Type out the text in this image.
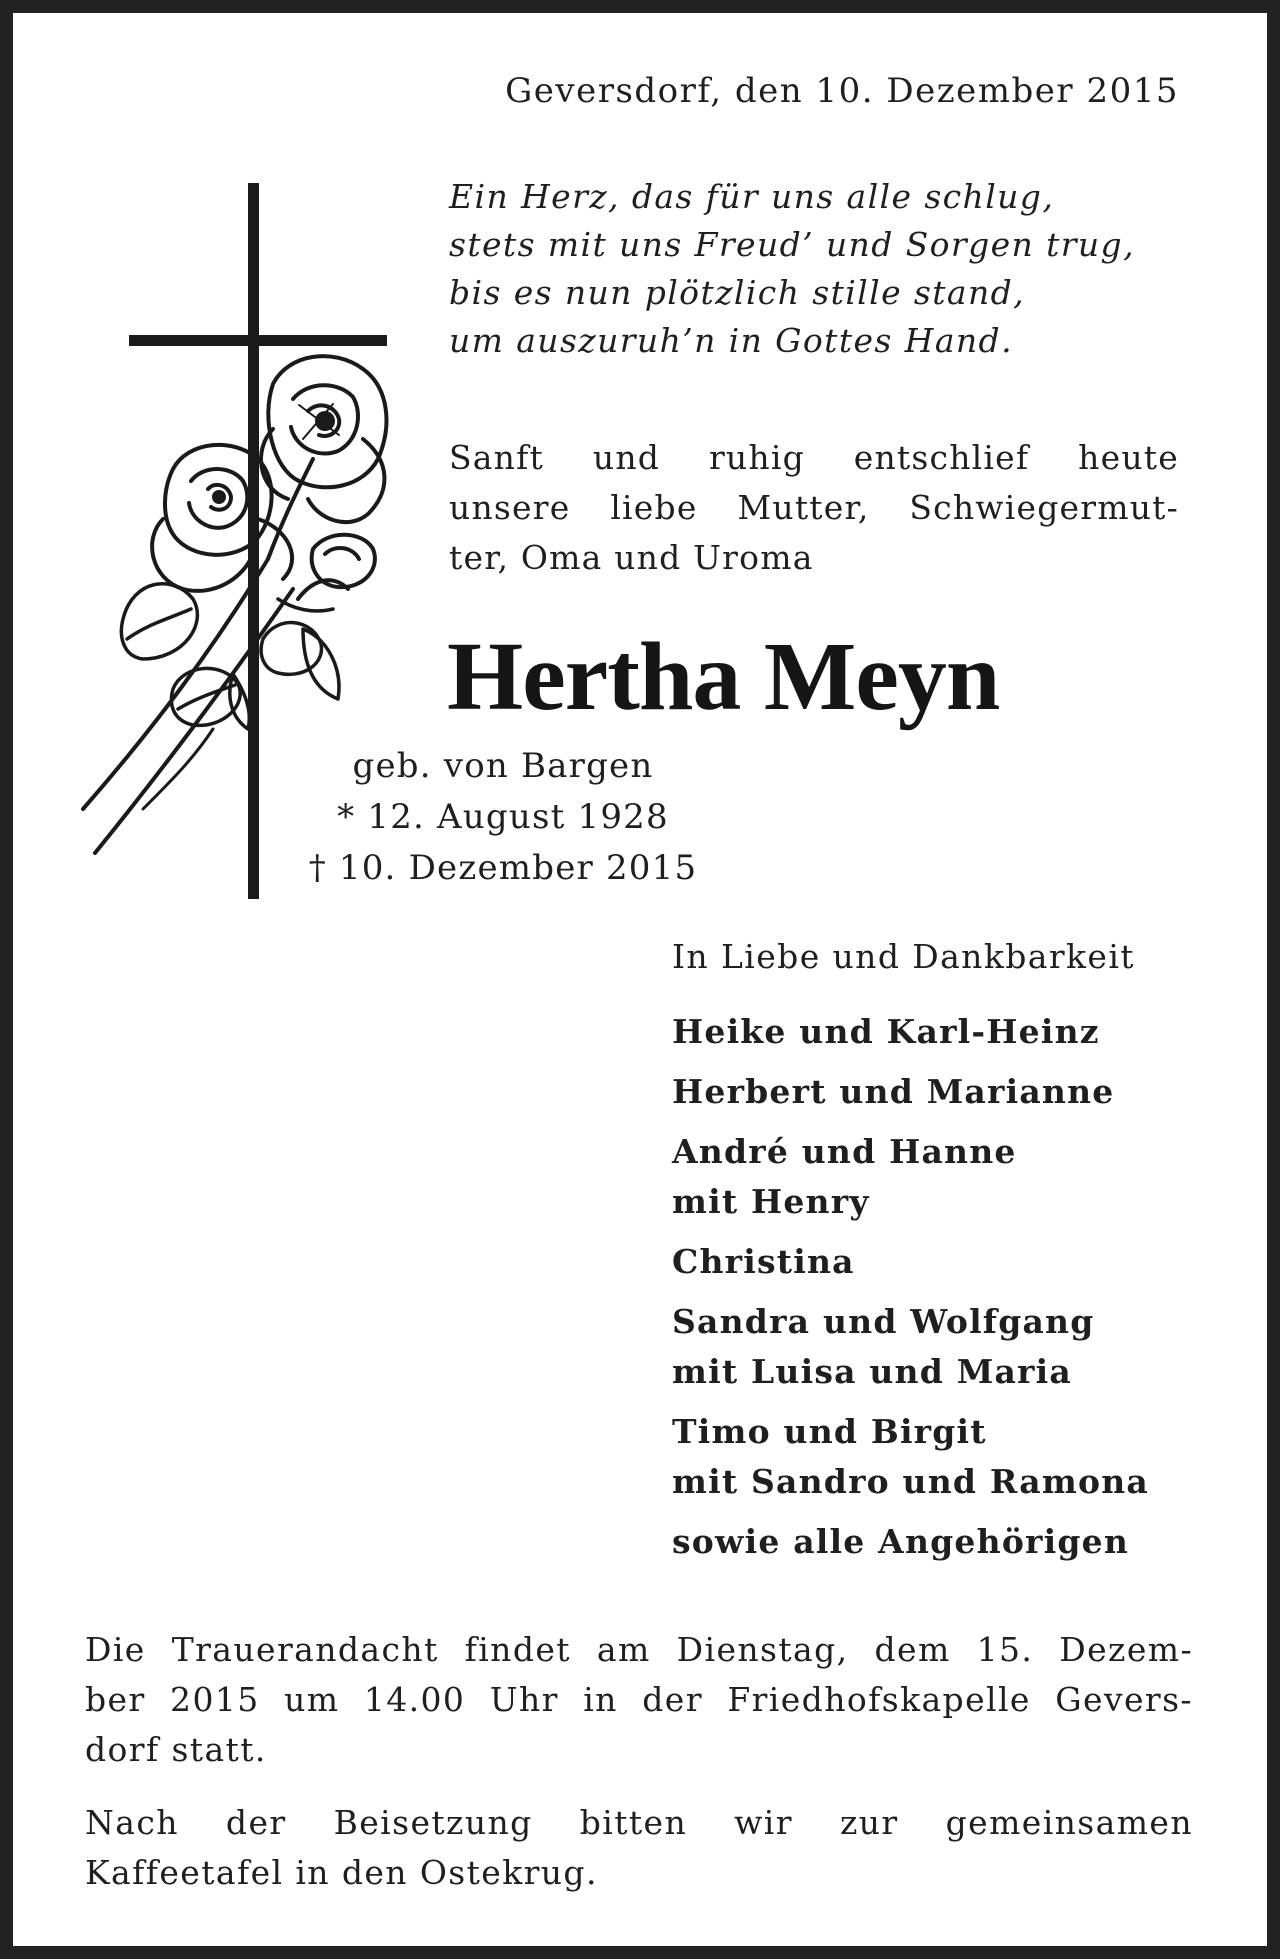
Geversdorf, den 10. Dezember 2015
Ein Herz, das für uns alle schlug,
stets mit uns Freud’ und Sorgen trug,
bis es nun plötzlich stille stand,
um auszuruh’n in Gottes Hand.
Sanft und ruhig entschlief heute
unsere liebe Mutter, Schwiegermut-
ter, Oma und Uroma
Hertha Meyn
geb. von Bargen
* 12. August 1928
† 10. Dezember 2015
In Liebe und Dankbarkeit
Heike und Karl-Heinz
Herbert und Marianne
André und Hanne
mit Henry
Christina
Sandra und Wolfgang
mit Luisa und Maria
Timo und Birgit
mit Sandro und Ramona
sowie alle Angehörigen
Die Trauerandacht findet am Dienstag, dem 15. Dezem-
ber 2015 um 14.00 Uhr in der Friedhofskapelle Gevers-
dorf statt.
Nach der Beisetzung bitten wir zur gemeinsamen
Kaffeetafel in den Ostekrug.
